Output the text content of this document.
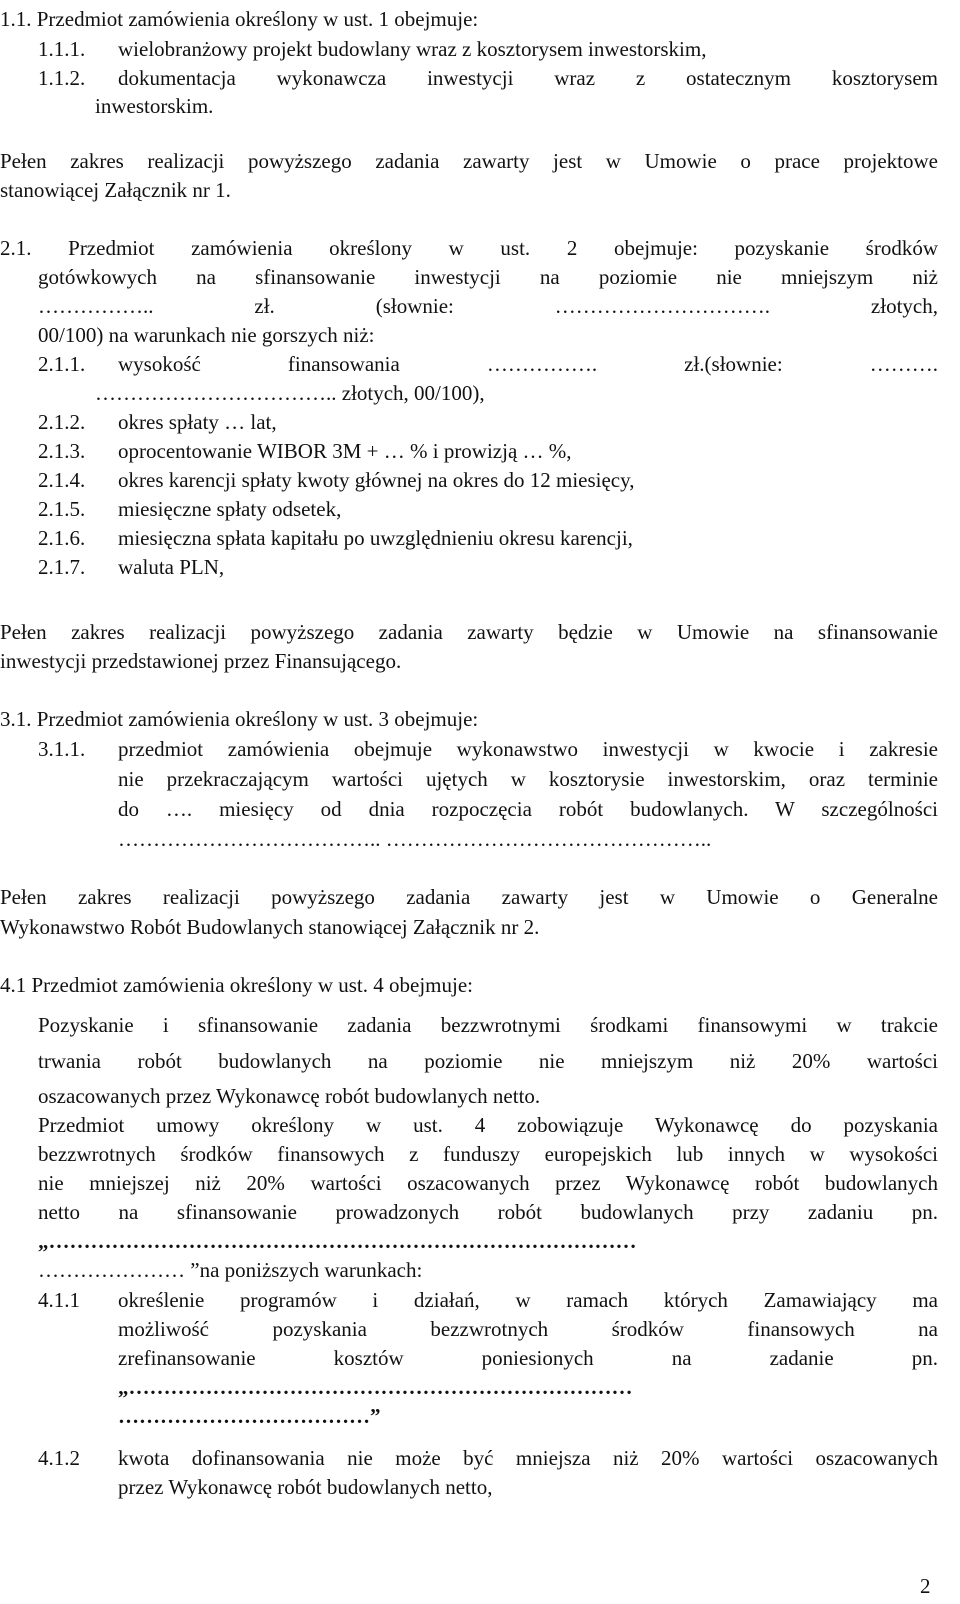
1.1. Przedmiot zamówienia określony w ust. 1 obejmuje:
1.1.1. wielobranżowy projekt budowlany wraz z kosztorysem inwestorskim,
1.1.2. dokumentacja wykonawcza inwestycji wraz z ostatecznym kosztorysem
inwestorskim.
Pełen zakres realizacji powyższego zadania zawarty jest w Umowie o prace projektowe
stanowiącej Załącznik nr 1.
2.1. Przedmiot zamówienia określony w ust. 2 obejmuje: pozyskanie środków
gotówkowych na sfinansowanie inwestycji na poziomie nie mniejszym niż
…………….. zł. (słownie: …………………………. złotych,
00/100) na warunkach nie gorszych niż:
2.1.1. wysokość finansowania ……………. zł.(słownie: ……….
…………………………….. złotych, 00/100),
2.1.2. okres spłaty … lat,
2.1.3. oprocentowanie WIBOR 3M + … % i prowizją … %,
2.1.4. okres karencji spłaty kwoty głównej na okres do 12 miesięcy,
2.1.5. miesięczne spłaty odsetek,
2.1.6. miesięczna spłata kapitału po uwzględnieniu okresu karencji,
2.1.7. waluta PLN,
Pełen zakres realizacji powyższego zadania zawarty będzie w Umowie na sfinansowanie
inwestycji przedstawionej przez Finansującego.
3.1. Przedmiot zamówienia określony w ust. 3 obejmuje:
3.1.1. przedmiot zamówienia obejmuje wykonawstwo inwestycji w kwocie i zakresie
nie przekraczającym wartości ujętych w kosztorysie inwestorskim, oraz terminie
do …. miesięcy od dnia rozpoczęcia robót budowlanych. W szczególności
……………………………….. ………………………………………..
Pełen zakres realizacji powyższego zadania zawarty jest w Umowie o Generalne
Wykonawstwo Robót Budowlanych stanowiącej Załącznik nr 2.
4.1 Przedmiot zamówienia określony w ust. 4 obejmuje:
Pozyskanie i sfinansowanie zadania bezzwrotnymi środkami finansowymi w trakcie
trwania robót budowlanych na poziomie nie mniejszym niż 20% wartości
oszacowanych przez Wykonawcę robót budowlanych netto.
Przedmiot umowy określony w ust. 4 zobowiązuje Wykonawcę do pozyskania
bezzwrotnych środków finansowych z funduszy europejskich lub innych w wysokości
nie mniejszej niż 20% wartości oszacowanych przez Wykonawcę robót budowlanych
netto na sfinansowanie prowadzonych robót budowlanych przy zadaniu pn.
„…………………………………………………………………………
………………… ”na poniższych warunkach:
4.1.1 określenie programów i działań, w ramach których Zamawiający ma
możliwość pozyskania bezzwrotnych środków finansowych na
zrefinansowanie kosztów poniesionych na zadanie pn.
„………………………………………………………………
………………………………”
4.1.2 kwota dofinansowania nie może być mniejsza niż 20% wartości oszacowanych
przez Wykonawcę robót budowlanych netto,
2
